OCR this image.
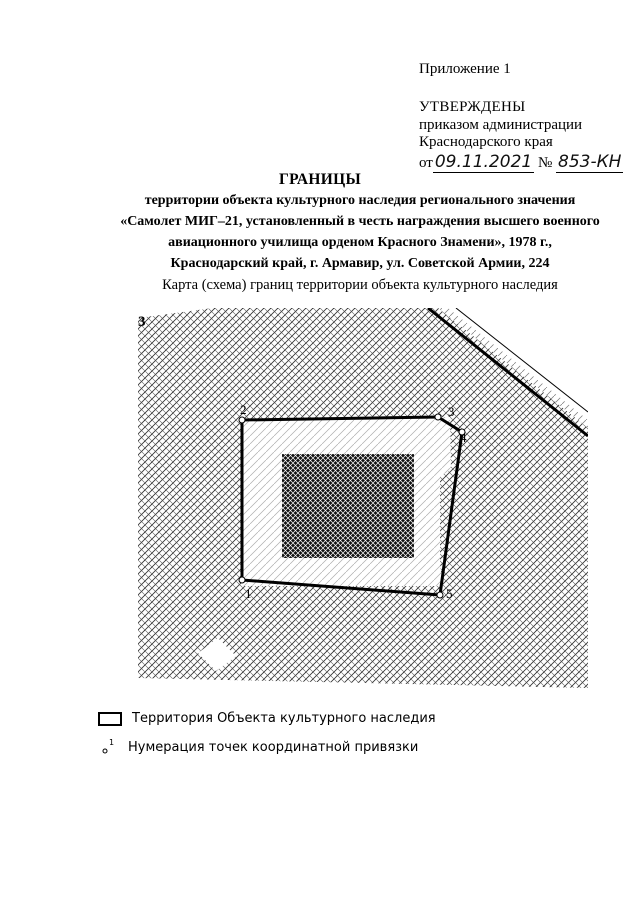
Приложение 1
УТВЕРЖДЕНЫ
приказом администрации
Краснодарского края
от 09.11.2021 № 853-КН
ГРАНИЦЫ
территории объекта культурного наследия регионального значения
«Самолет МИГ–21, установленный в честь награждения высшего военного
авиационного училища орденом Красного Знамени», 1978 г.,
Краснодарский край, г. Армавир, ул. Советской Армии, 224
Карта (схема) границ территории объекта культурного наследия
1
2	3
4
5
3
Территория Объекта культурного наследия
1 Нумерация точек координатной привязки
